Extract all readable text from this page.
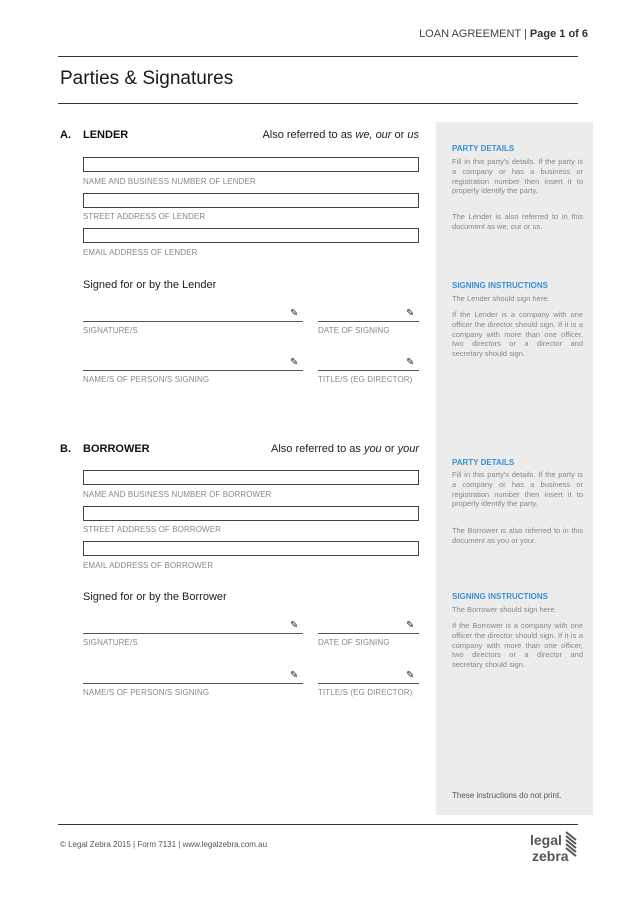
LOAN AGREEMENT | Page 1 of 6
Parties & Signatures
PARTY DETAILS
Fill in this party's details. If the party is a company or has a business or registration number then insert it to properly identify the party.
The Lender is also referred to in this document as we, our or us.
SIGNING INSTRUCTIONS
The Lender should sign here.
If the Lender is a company with one officer the director should sign. If it is a company with more than one officer, two directors or a director and secretary should sign.
PARTY DETAILS
Fill in this party's details. If the party is a company or has a business or registration number then insert it to properly identify the party.
The Borrower is also referred to in this document as you or your.
SIGNING INSTRUCTIONS
The Borrower should sign here.
If the Borrower is a company with one officer the director should sign. If it is a company with more than one officer, two directors or a director and secretary should sign.
These instructions do not print.
A. LENDER	Also referred to as we, our or us
NAME AND BUSINESS NUMBER OF LENDER
STREET ADDRESS OF LENDER
EMAIL ADDRESS OF LENDER
Signed for or by the Lender
✎
SIGNATURE/S
✎
DATE OF SIGNING
✎
NAME/S OF PERSON/S SIGNING
✎
TITLE/S (EG DIRECTOR)
B. BORROWER	Also referred to as you or your
NAME AND BUSINESS NUMBER OF BORROWER
STREET ADDRESS OF BORROWER
EMAIL ADDRESS OF BORROWER
Signed for or by the Borrower
✎
SIGNATURE/S
✎
DATE OF SIGNING
✎
NAME/S OF PERSON/S SIGNING
✎
TITLE/S (EG DIRECTOR)
© Legal Zebra 2015 | Form 7131 | www.legalzebra.com.au	legal
zebra
